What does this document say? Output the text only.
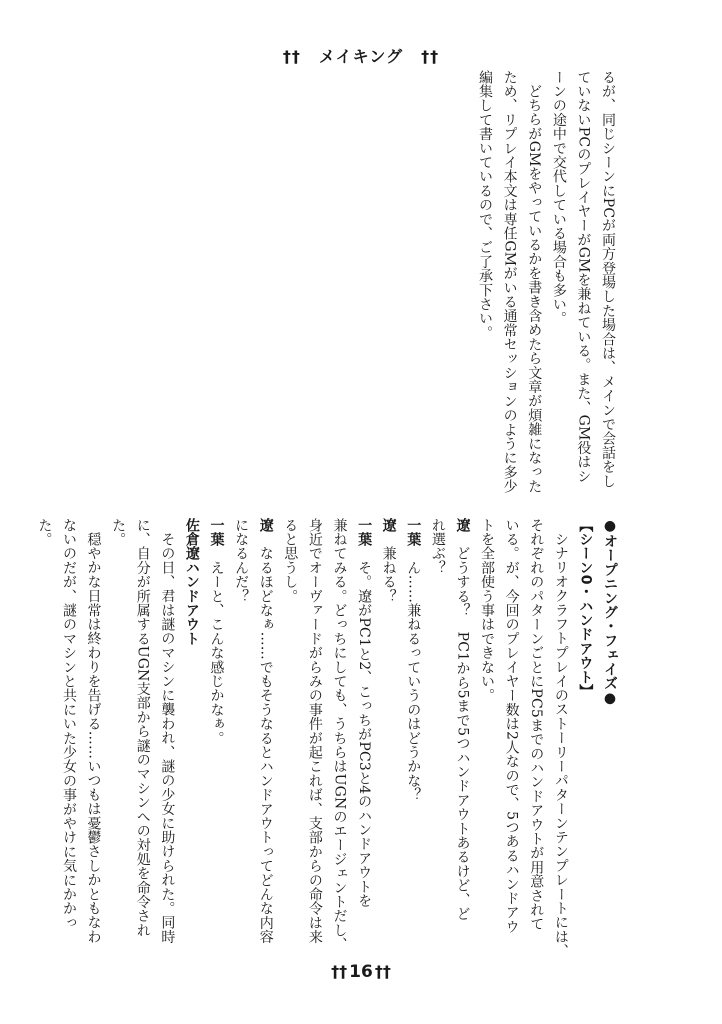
†† メイキング ††

るが、同じシーンにPCが両方登場した場合は、メインで会話をし

ていないPCのプレイヤーがGMを兼ねている。また、GM役はシ

ーンの途中で交代している場合も多い。

どちらがGMをやっているかを書き含めたら文章が煩雑になった

ため、リプレイ本文は専任GMがいる通常セッションのように多少

編集して書いているので、ご了承下さい。

●オープニング・フェイズ●

【シーン0・ハンドアウト】

シナリオクラフトプレイのストーリーパターンテンプレートには、

それぞれのパターンごとにPC5までのハンドアウトが用意されて

いる。が、今回のプレイヤー数は2人なので、5つあるハンドアウ

トを全部使う事はできない。

遼　どうする？　PC1から5まで5つハンドアウトあるけど、ど

れ選ぶ？

一葉　ん……兼ねるっていうのはどうかな？

遼　兼ねる？

一葉　そ。遼がPC1と2、こっちがPC3と4のハンドアウトを

兼ねてみる。どっちにしても、うちらはUGNのエージェントだし、

身近でオーヴァードがらみの事件が起これば、支部からの命令は来

ると思うし。

遼　なるほどなぁ……でもそうなるとハンドアウトってどんな内容

になるんだ？

一葉　えーと、こんな感じかなぁ。

佐倉遼ハンドアウト

その日、君は謎のマシンに襲われ、謎の少女に助けられた。同時

に、自分が所属するUGN支部から謎のマシンへの対処を命令され

た。

穏やかな日常は終わりを告げる……いつもは憂鬱さしかともなわ

ないのだが、謎のマシンと共にいた少女の事がやけに気にかかった。

†† 16 ††
